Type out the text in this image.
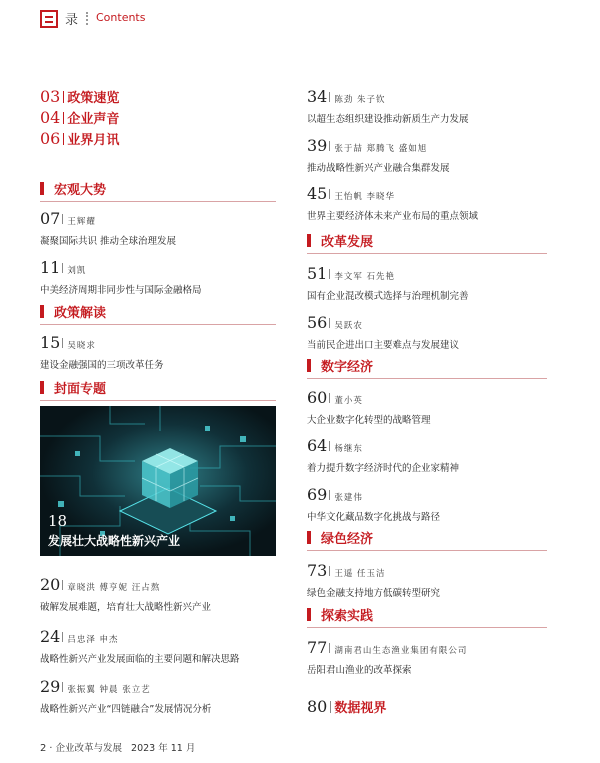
录 Contents
03 政策速览
04 企业声音
06 业界月讯
宏观大势
07 王辉耀
凝聚国际共识 推动全球治理发展
11 刘凯
中美经济周期非同步性与国际金融格局
政策解读
15 吴晓求
建设金融强国的三项改革任务
封面专题
18
发展壮大战略性新兴产业
20 章晓洪 傅亨妮 汪占熬
破解发展难题，培育壮大战略性新兴产业
24 吕忠泽 申杰
战略性新兴产业发展面临的主要问题和解决思路
29 张振翼 钟晨 张立艺
战略性新兴产业“四链融合”发展情况分析
34 陈劲 朱子钦
以超生态组织建设推动新质生产力发展
39 张于喆 郑腾飞 盛如旭
推动战略性新兴产业融合集群发展
45 王怡帆 李晓华
世界主要经济体未来产业布局的重点领域
改革发展
51 李文军 石先艳
国有企业混改模式选择与治理机制完善
56 吴跃农
当前民企进出口主要难点与发展建议
数字经济
60 董小英
大企业数字化转型的战略管理
64 杨继东
着力提升数字经济时代的企业家精神
69 张建伟
中华文化藏品数字化挑战与路径
绿色经济
73 王遥 任玉洁
绿色金融支持地方低碳转型研究
探索实践
77 湖南君山生态渔业集团有限公司
岳阳君山渔业的改革探索
80 数据视界
2 · 企业改革与发展 2023 年 11 月
